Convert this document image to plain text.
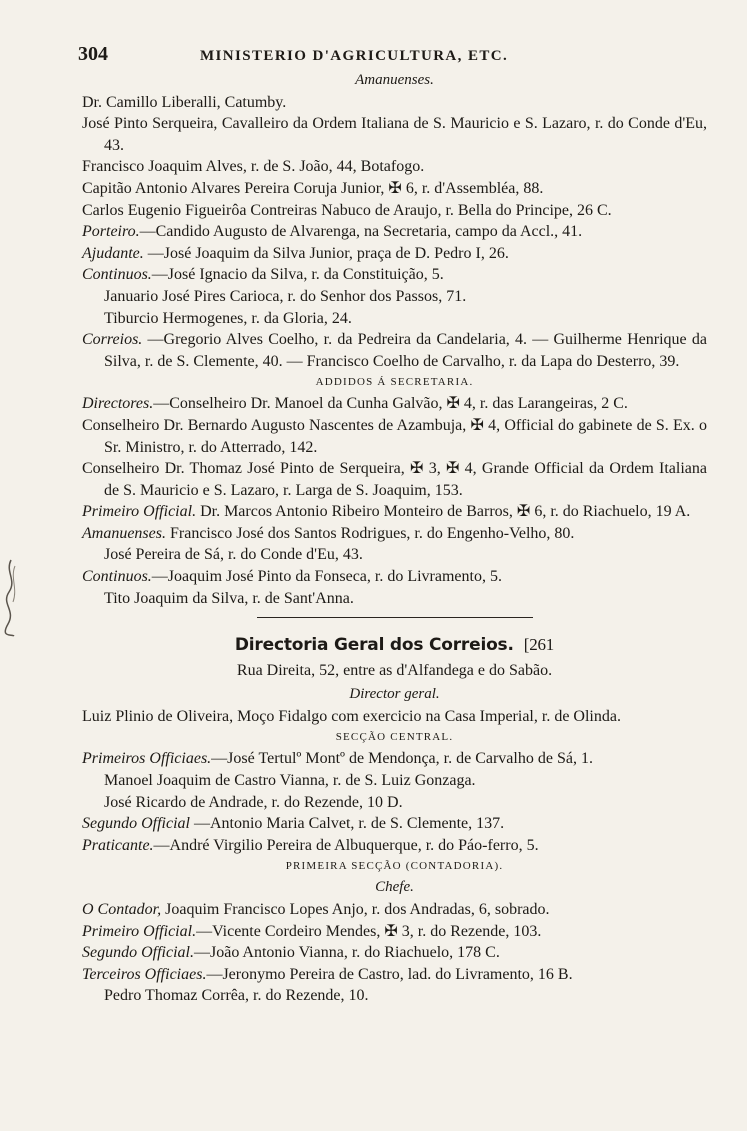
304	MINISTERIO D'AGRICULTURA, ETC.
Amanuenses.

Dr. Camillo Liberalli, Catumby.

José Pinto Serqueira, Cavalleiro da Ordem Italiana de S. Mauricio e S. Lazaro, r. do Conde d'Eu, 43.

Francisco Joaquim Alves, r. de S. João, 44, Botafogo.

Capitão Antonio Alvares Pereira Coruja Junior, ✠ 6, r. d'Assembléa, 88.

Carlos Eugenio Figueirôa Contreiras Nabuco de Araujo, r. Bella do Principe, 26 C.

Porteiro.—Candido Augusto de Alvarenga, na Secretaria, campo da Accl., 41.

Ajudante. —José Joaquim da Silva Junior, praça de D. Pedro I, 26.

Continuos.—José Ignacio da Silva, r. da Constituição, 5.

Januario José Pires Carioca, r. do Senhor dos Passos, 71.

Tiburcio Hermogenes, r. da Gloria, 24.

Correios. —Gregorio Alves Coelho, r. da Pedreira da Candelaria, 4. — Guilherme Henrique da Silva, r. de S. Clemente, 40. — Francisco Coelho de Carvalho, r. da Lapa do Desterro, 39.

ADDIDOS Á SECRETARIA.

Directores.—Conselheiro Dr. Manoel da Cunha Galvão, ✠ 4, r. das Larangeiras, 2 C.

Conselheiro Dr. Bernardo Augusto Nascentes de Azambuja, ✠ 4, Official do gabinete de S. Ex. o Sr. Ministro, r. do Atterrado, 142.

Conselheiro Dr. Thomaz José Pinto de Serqueira, ✠ 3, ✠ 4, Grande Official da Ordem Italiana de S. Mauricio e S. Lazaro, r. Larga de S. Joaquim, 153.

Primeiro Official. Dr. Marcos Antonio Ribeiro Monteiro de Barros, ✠ 6, r. do Riachuelo, 19 A.

Amanuenses. Francisco José dos Santos Rodrigues, r. do Engenho-Velho, 80.

José Pereira de Sá, r. do Conde d'Eu, 43.

Continuos.—Joaquim José Pinto da Fonseca, r. do Livramento, 5.

Tito Joaquim da Silva, r. de Sant'Anna.

Directoria Geral dos Correios. [261
Rua Direita, 52, entre as d'Alfandega e do Sabão.
Director geral.

Luiz Plinio de Oliveira, Moço Fidalgo com exercicio na Casa Imperial, r. de Olinda.

SECÇÃO CENTRAL.

Primeiros Officiaes.—José Tertulº Montº de Mendonça, r. de Carvalho de Sá, 1.

Manoel Joaquim de Castro Vianna, r. de S. Luiz Gonzaga.

José Ricardo de Andrade, r. do Rezende, 10 D.

Segundo Official —Antonio Maria Calvet, r. de S. Clemente, 137.

Praticante.—André Virgilio Pereira de Albuquerque, r. do Páo-ferro, 5.

PRIMEIRA SECÇÃO (CONTADORIA).
Chefe.

O Contador, Joaquim Francisco Lopes Anjo, r. dos Andradas, 6, sobrado.

Primeiro Official.—Vicente Cordeiro Mendes, ✠ 3, r. do Rezende, 103.

Segundo Official.—João Antonio Vianna, r. do Riachuelo, 178 C.

Terceiros Officiaes.—Jeronymo Pereira de Castro, lad. do Livramento, 16 B.

Pedro Thomaz Corrêa, r. do Rezende, 10.
